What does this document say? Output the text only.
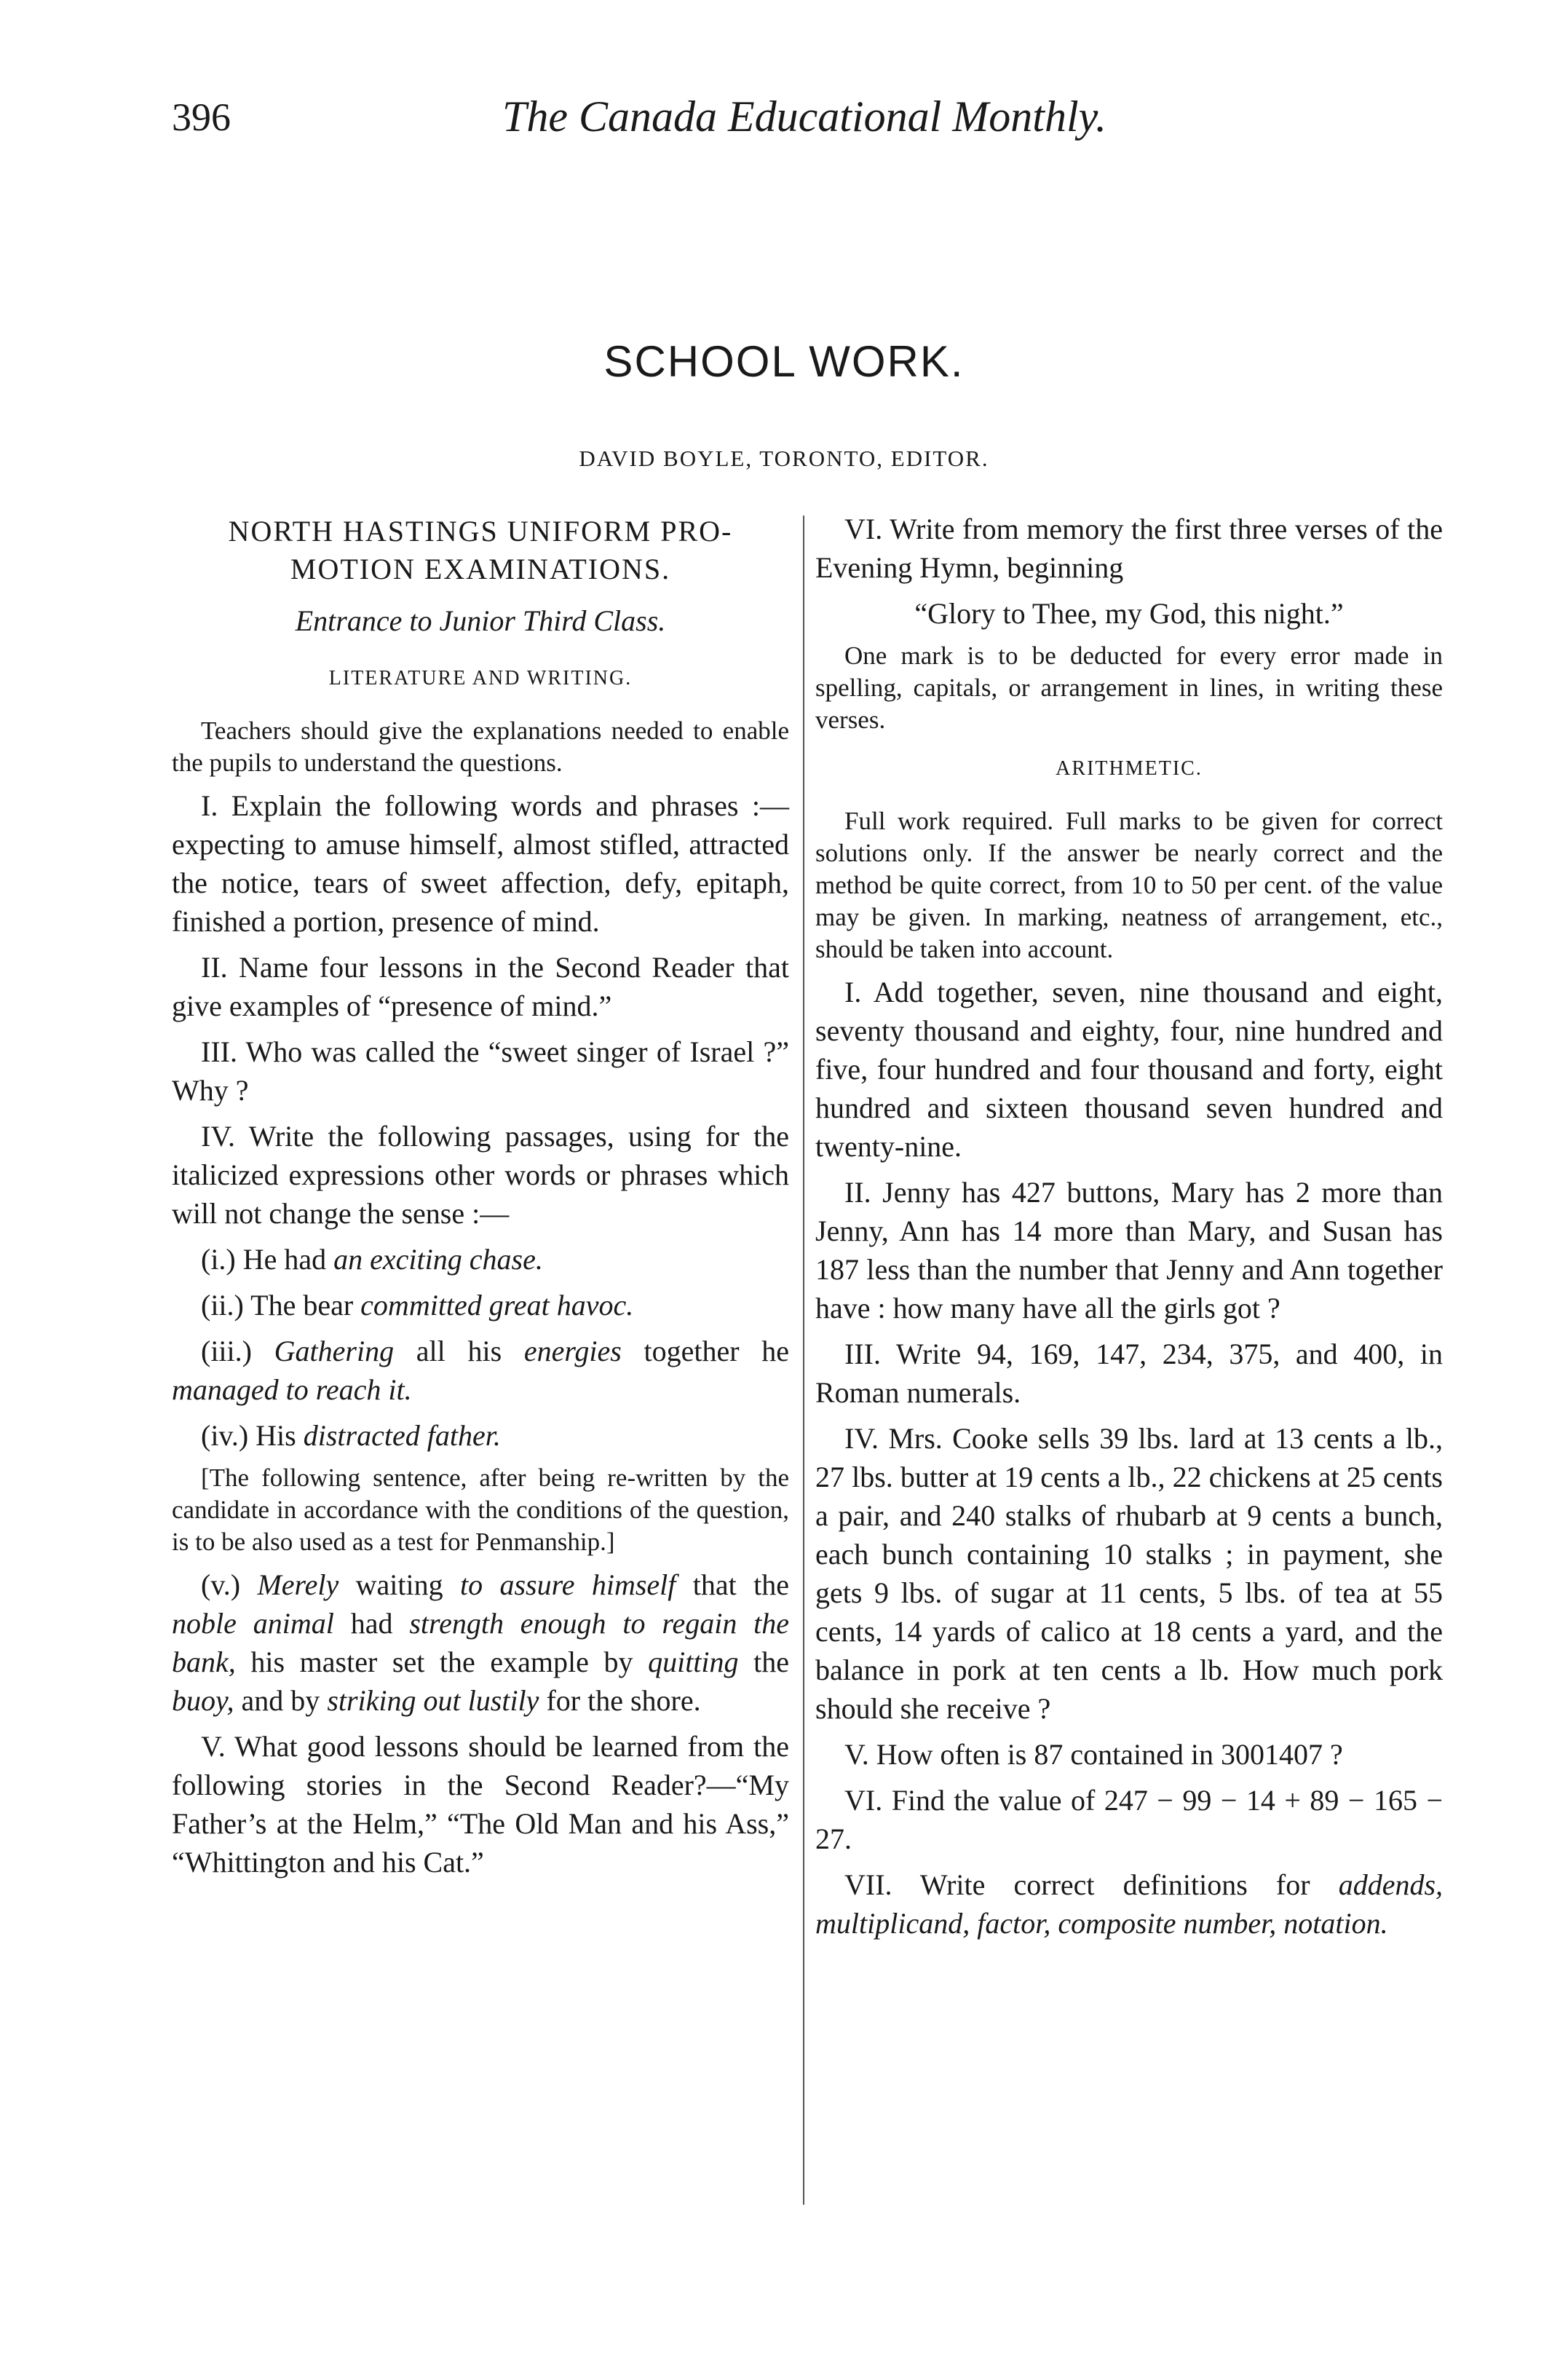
396	The Canada Educational Monthly.
SCHOOL WORK.
DAVID BOYLE, TORONTO, EDITOR.
NORTH HASTINGS UNIFORM PRO-
MOTION EXAMINATIONS.
Entrance to Junior Third Class.
LITERATURE AND WRITING.

Teachers should give the explanations needed to enable the pupils to understand the questions.

I. Explain the following words and phrases :—expecting to amuse himself, almost stifled, attracted the notice, tears of sweet affection, defy, epitaph, finished a portion, presence of mind.

II. Name four lessons in the Second Reader that give examples of “presence of mind.”

III. Who was called the “sweet singer of Israel ?” Why ?

IV. Write the following passages, using for the italicized expressions other words or phrases which will not change the sense :—

(i.) He had an exciting chase.

(ii.) The bear committed great havoc.

(iii.) Gathering all his energies together he managed to reach it.

(iv.) His distracted father.

[The following sentence, after being re-written by the candidate in accordance with the conditions of the question, is to be also used as a test for Penmanship.]

(v.) Merely waiting to assure himself that the noble animal had strength enough to regain the bank, his master set the example by quitting the buoy, and by striking out lustily for the shore.

V. What good lessons should be learned from the following stories in the Second Reader?—“My Father’s at the Helm,” “The Old Man and his Ass,” “Whittington and his Cat.”

VI. Write from memory the first three verses of the Evening Hymn, beginning

“Glory to Thee, my God, this night.”

One mark is to be deducted for every error made in spelling, capitals, or arrangement in lines, in writing these verses.

ARITHMETIC.

Full work required. Full marks to be given for correct solutions only. If the answer be nearly correct and the method be quite correct, from 10 to 50 per cent. of the value may be given. In marking, neatness of arrangement, etc., should be taken into account.

I. Add together, seven, nine thousand and eight, seventy thousand and eighty, four, nine hundred and five, four hundred and four thousand and forty, eight hundred and sixteen thousand seven hundred and twenty-nine.

II. Jenny has 427 buttons, Mary has 2 more than Jenny, Ann has 14 more than Mary, and Susan has 187 less than the number that Jenny and Ann together have : how many have all the girls got ?

III. Write 94, 169, 147, 234, 375, and 400, in Roman numerals.

IV. Mrs. Cooke sells 39 lbs. lard at 13 cents a lb., 27 lbs. butter at 19 cents a lb., 22 chickens at 25 cents a pair, and 240 stalks of rhubarb at 9 cents a bunch, each bunch containing 10 stalks ; in payment, she gets 9 lbs. of sugar at 11 cents, 5 lbs. of tea at 55 cents, 14 yards of calico at 18 cents a yard, and the balance in pork at ten cents a lb. How much pork should she receive ?

V. How often is 87 contained in 3001407 ?

VI. Find the value of 247 − 99 − 14 + 89 − 165 − 27.

VII. Write correct definitions for addends, multiplicand, factor, composite number, notation.
